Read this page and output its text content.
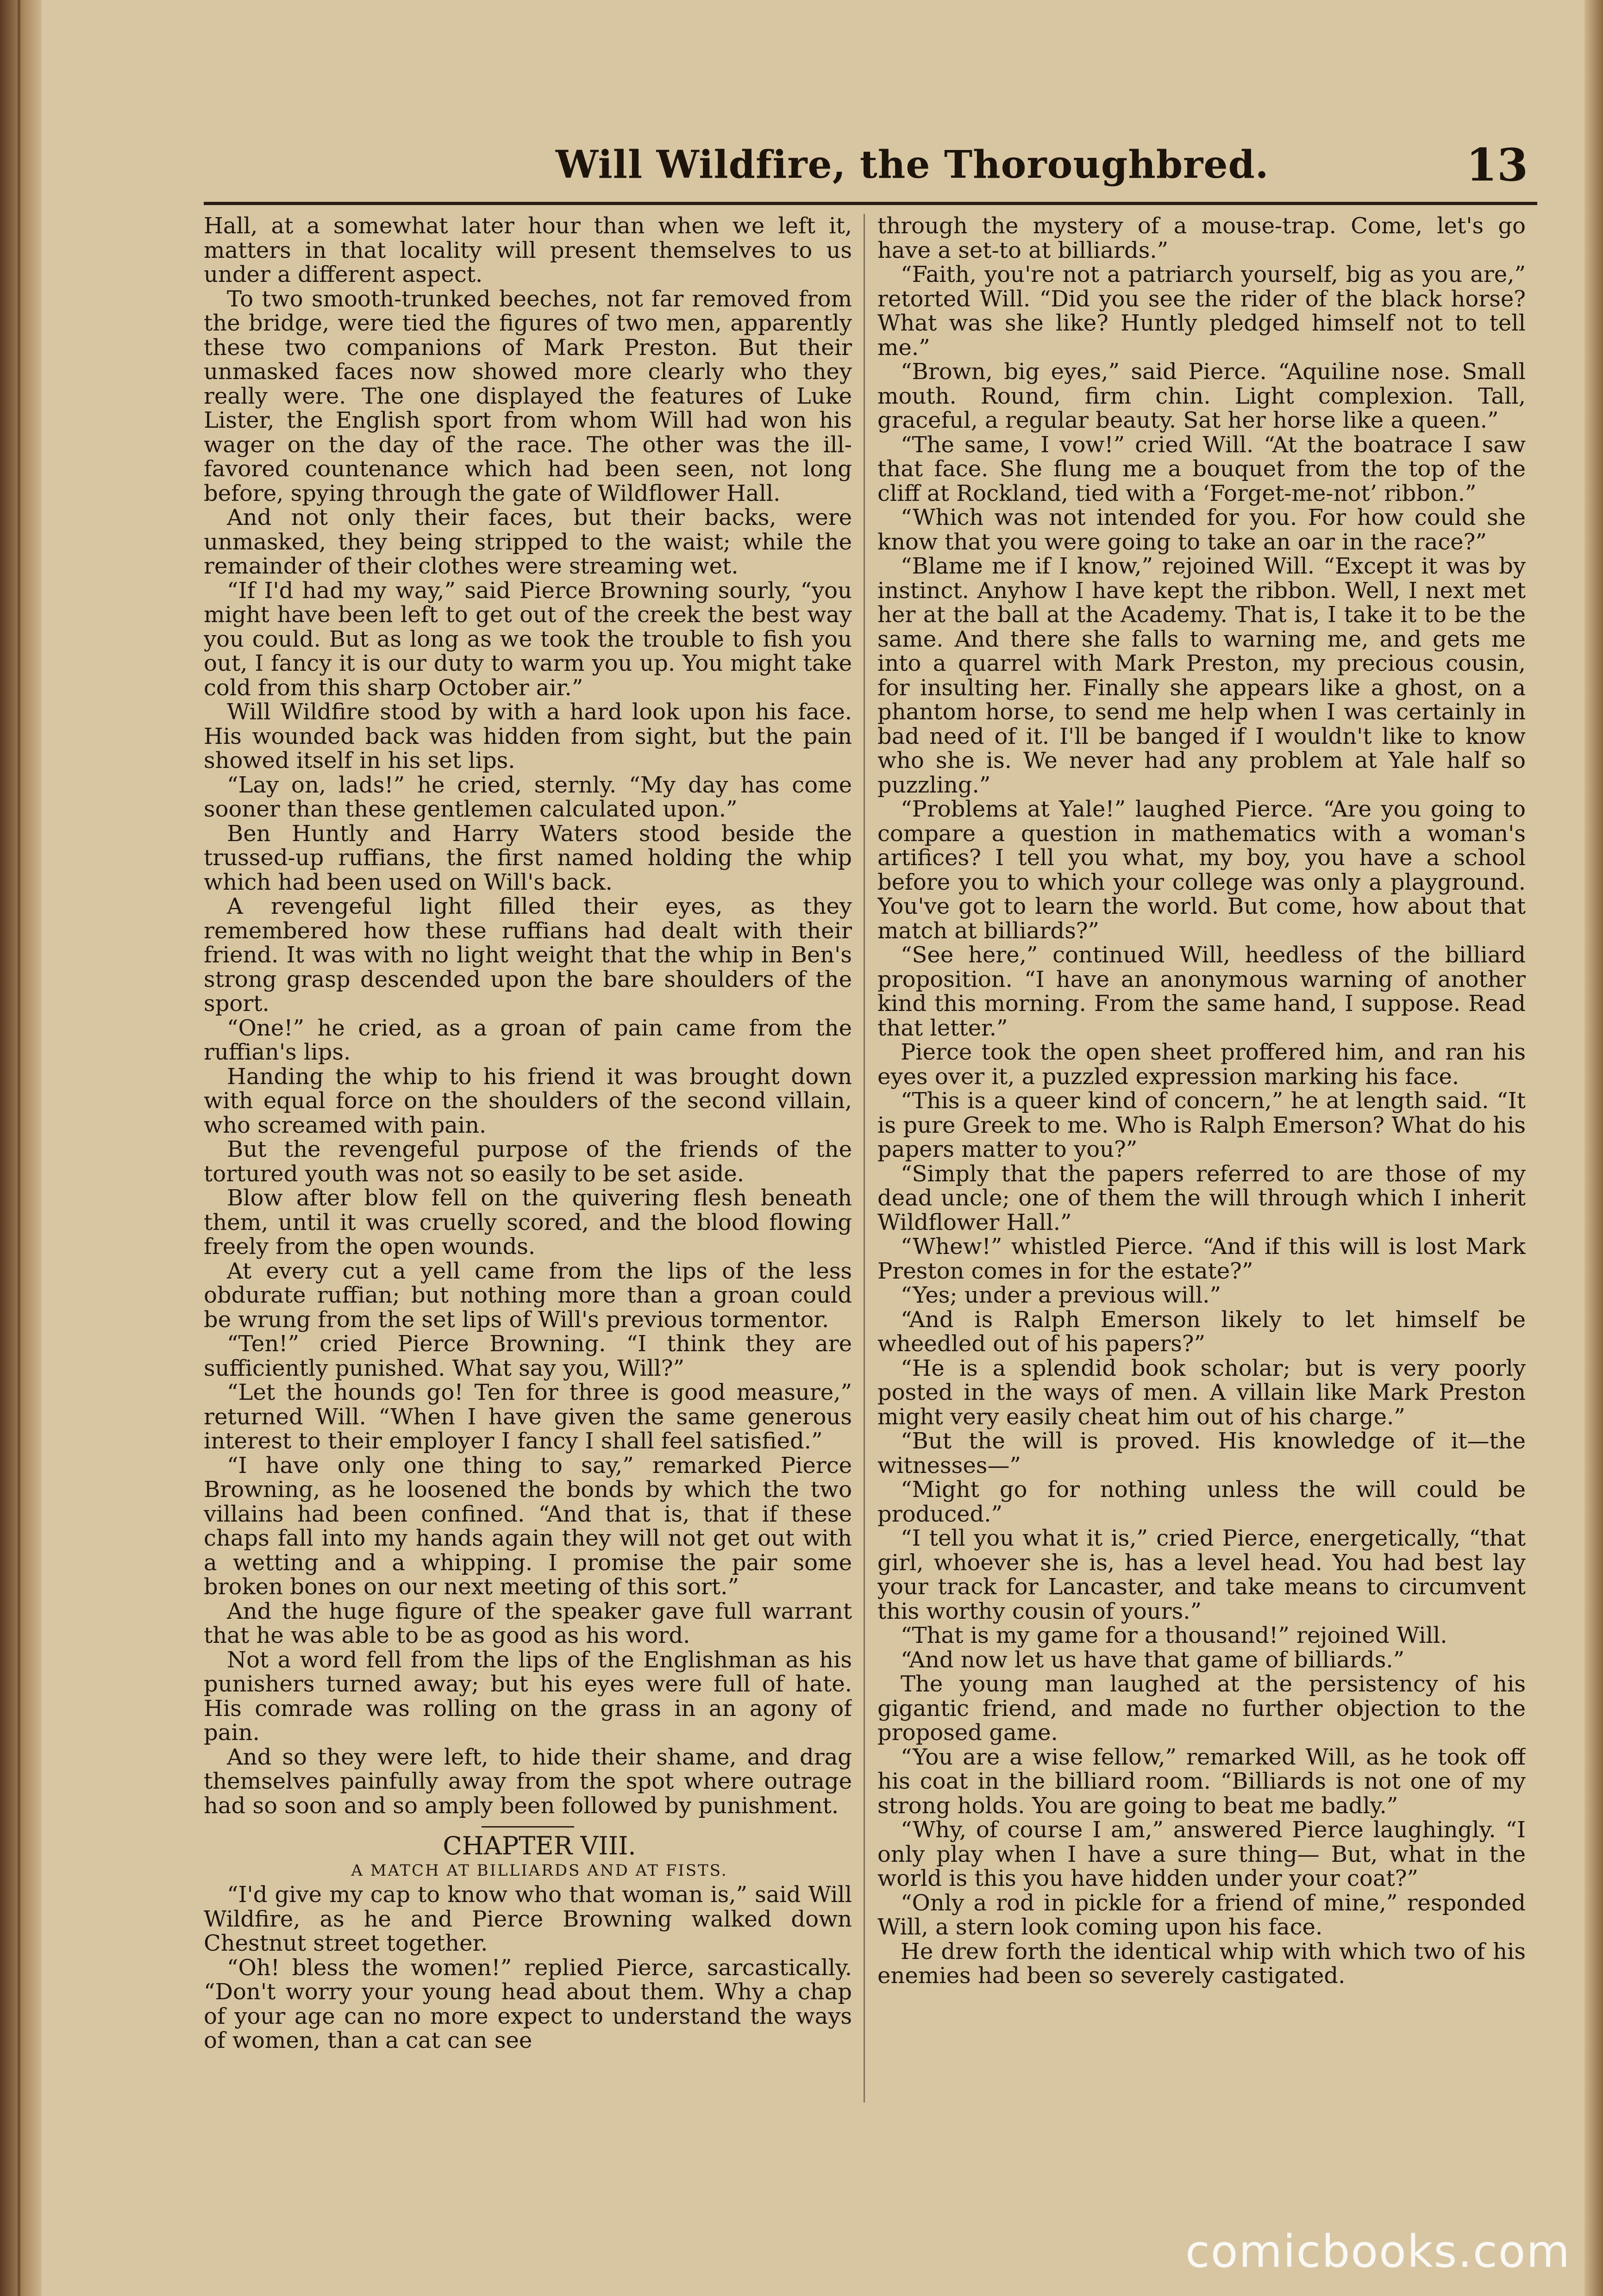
Will Wildfire, the Thoroughbred.	13

Hall, at a somewhat later hour than when we left it, matters in that locality will present themselves to us under a different aspect.

To two smooth-trunked beeches, not far removed from the bridge, were tied the figures of two men, apparently these two companions of Mark Preston. But their unmasked faces now showed more clearly who they really were. The one displayed the features of Luke Lister, the English sport from whom Will had won his wager on the day of the race. The other was the ill-favored countenance which had been seen, not long before, spying through the gate of Wildflower Hall.

And not only their faces, but their backs, were unmasked, they being stripped to the waist; while the remainder of their clothes were streaming wet.

“If I'd had my way,” said Pierce Browning sourly, “you might have been left to get out of the creek the best way you could. But as long as we took the trouble to fish you out, I fancy it is our duty to warm you up. You might take cold from this sharp October air.”

Will Wildfire stood by with a hard look upon his face. His wounded back was hidden from sight, but the pain showed itself in his set lips.

“Lay on, lads!” he cried, sternly. “My day has come sooner than these gentlemen calculated upon.”

Ben Huntly and Harry Waters stood beside the trussed-up ruffians, the first named holding the whip which had been used on Will's back.

A revengeful light filled their eyes, as they remembered how these ruffians had dealt with their friend. It was with no light weight that the whip in Ben's strong grasp descended upon the bare shoulders of the sport.

“One!” he cried, as a groan of pain came from the ruffian's lips.

Handing the whip to his friend it was brought down with equal force on the shoulders of the second villain, who screamed with pain.

But the revengeful purpose of the friends of the tortured youth was not so easily to be set aside.

Blow after blow fell on the quivering flesh beneath them, until it was cruelly scored, and the blood flowing freely from the open wounds.

At every cut a yell came from the lips of the less obdurate ruffian; but nothing more than a groan could be wrung from the set lips of Will's previous tormentor.

“Ten!” cried Pierce Browning. “I think they are sufficiently punished. What say you, Will?”

“Let the hounds go! Ten for three is good measure,” returned Will. “When I have given the same generous interest to their employer I fancy I shall feel satisfied.”

“I have only one thing to say,” remarked Pierce Browning, as he loosened the bonds by which the two villains had been confined. “And that is, that if these chaps fall into my hands again they will not get out with a wetting and a whipping. I promise the pair some broken bones on our next meeting of this sort.”

And the huge figure of the speaker gave full warrant that he was able to be as good as his word.

Not a word fell from the lips of the Englishman as his punishers turned away; but his eyes were full of hate. His comrade was rolling on the grass in an agony of pain.

And so they were left, to hide their shame, and drag themselves painfully away from the spot where outrage had so soon and so amply been followed by punishment.

CHAPTER VIII.

A MATCH AT BILLIARDS AND AT FISTS.

“I'd give my cap to know who that woman is,” said Will Wildfire, as he and Pierce Browning walked down Chestnut street together.

“Oh! bless the women!” replied Pierce, sarcastically. “Don't worry your young head about them. Why a chap of your age can no more expect to understand the ways of women, than a cat can see

through the mystery of a mouse-trap. Come, let's go have a set-to at billiards.”

“Faith, you're not a patriarch yourself, big as you are,” retorted Will. “Did you see the rider of the black horse? What was she like? Huntly pledged himself not to tell me.”

“Brown, big eyes,” said Pierce. “Aquiline nose. Small mouth. Round, firm chin. Light complexion. Tall, graceful, a regular beauty. Sat her horse like a queen.”

“The same, I vow!” cried Will. “At the boatrace I saw that face. She flung me a bouquet from the top of the cliff at Rockland, tied with a ‘Forget-me-not’ ribbon.”

“Which was not intended for you. For how could she know that you were going to take an oar in the race?”

“Blame me if I know,” rejoined Will. “Except it was by instinct. Anyhow I have kept the ribbon. Well, I next met her at the ball at the Academy. That is, I take it to be the same. And there she falls to warning me, and gets me into a quarrel with Mark Preston, my precious cousin, for insulting her. Finally she appears like a ghost, on a phantom horse, to send me help when I was certainly in bad need of it. I'll be banged if I wouldn't like to know who she is. We never had any problem at Yale half so puzzling.”

“Problems at Yale!” laughed Pierce. “Are you going to compare a question in mathematics with a woman's artifices? I tell you what, my boy, you have a school before you to which your college was only a playground. You've got to learn the world. But come, how about that match at billiards?”

“See here,” continued Will, heedless of the billiard proposition. “I have an anonymous warning of another kind this morning. From the same hand, I suppose. Read that letter.”

Pierce took the open sheet proffered him, and ran his eyes over it, a puzzled expression marking his face.

“This is a queer kind of concern,” he at length said. “It is pure Greek to me. Who is Ralph Emerson? What do his papers matter to you?”

“Simply that the papers referred to are those of my dead uncle; one of them the will through which I inherit Wildflower Hall.”

“Whew!” whistled Pierce. “And if this will is lost Mark Preston comes in for the estate?”

“Yes; under a previous will.”

“And is Ralph Emerson likely to let himself be wheedled out of his papers?”

“He is a splendid book scholar; but is very poorly posted in the ways of men. A villain like Mark Preston might very easily cheat him out of his charge.”

“But the will is proved. His knowledge of it—the witnesses—”

“Might go for nothing unless the will could be produced.”

“I tell you what it is,” cried Pierce, energetically, “that girl, whoever she is, has a level head. You had best lay your track for Lancaster, and take means to circumvent this worthy cousin of yours.”

“That is my game for a thousand!” rejoined Will.

“And now let us have that game of billiards.”

The young man laughed at the persistency of his gigantic friend, and made no further objection to the proposed game.

“You are a wise fellow,” remarked Will, as he took off his coat in the billiard room. “Billiards is not one of my strong holds. You are going to beat me badly.”

“Why, of course I am,” answered Pierce laughingly. “I only play when I have a sure thing— But, what in the world is this you have hidden under your coat?”

“Only a rod in pickle for a friend of mine,” responded Will, a stern look coming upon his face.

He drew forth the identical whip with which two of his enemies had been so severely castigated.

comicbooks.com
